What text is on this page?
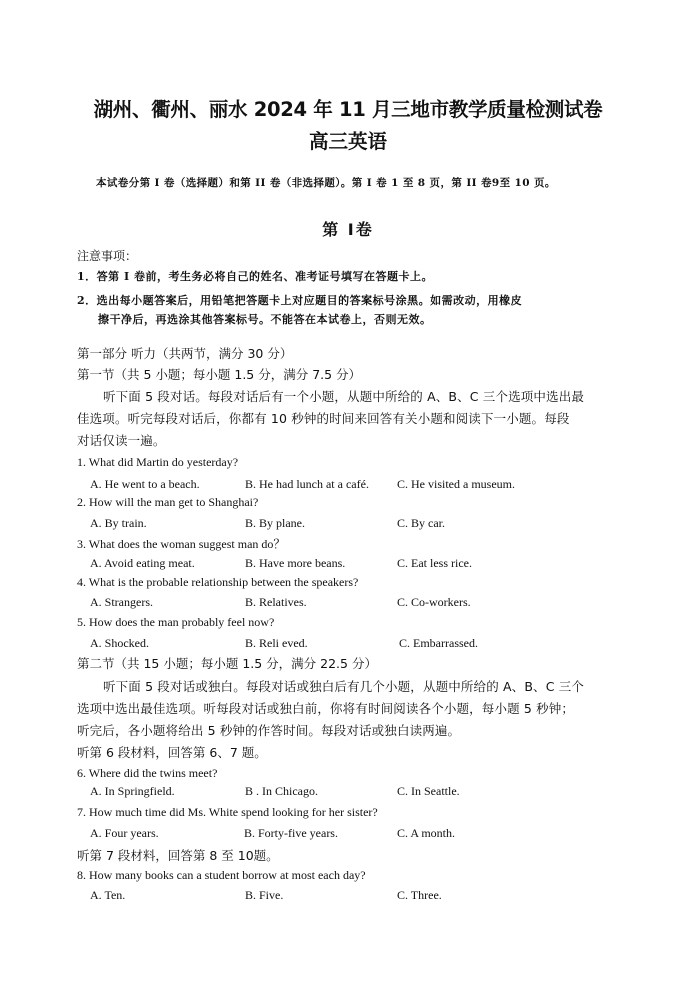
湖州、衢州、丽水 2024 年 11 月三地市教学质量检测试卷
高三英语
本试卷分第 I 卷（选择题）和第 II 卷（非选择题）。第 I 卷 1 至 8 页，第 II 卷9至 10 页。
第 I卷
注意事项：
1．答第 I 卷前，考生务必将自己的姓名、准考证号填写在答题卡上。
2．选出每小题答案后，用铅笔把答题卡上对应题目的答案标号涂黑。如需改动，用橡皮
擦干净后，再选涂其他答案标号。不能答在本试卷上，否则无效。
第一部分 听力（共两节，满分 30 分）
第一节（共 5 小题；每小题 1.5 分，满分 7.5 分）
听下面 5 段对话。每段对话后有一个小题，从题中所给的 A、B、C 三个选项中选出最
佳选项。听完每段对话后，你都有 10 秒钟的时间来回答有关小题和阅读下一小题。每段
对话仅读一遍。
1. What did Martin do yesterday?
A. He went to a beach.	B. He had lunch at a café. C. He visited a museum.
2. How will the man get to Shanghai?
A. By train.	B. By plane.	C. By car.
3. What does the woman suggest man do？
A. Avoid eating meat.	B. Have more beans.	C. Eat less rice.
4. What is the probable relationship between the speakers?
A. Strangers.	B. Relatives.	C. Co-workers.
5. How does the man probably feel now?
A. Shocked.	B. Reli eved.	C. Embarrassed.
第二节（共 15 小题；每小题 1.5 分，满分 22.5 分）
听下面 5 段对话或独白。每段对话或独白后有几个小题，从题中所给的 A、B、C 三个
选项中选出最佳选项。听每段对话或独白前，你将有时间阅读各个小题，每小题 5 秒钟；
听完后，各小题将给出 5 秒钟的作答时间。每段对话或独白读两遍。
听第 6 段材料，回答第 6、7 题。
6. Where did the twins meet?
A. In Springfield.	B . In Chicago.	C. In Seattle.
7. How much time did Ms. White spend looking for her sister?
A. Four years.	B. Forty-five years.	C. A month.
听第 7 段材料，回答第 8 至 10题。
8. How many books can a student borrow at most each day?
A. Ten.	B. Five.	C. Three.
